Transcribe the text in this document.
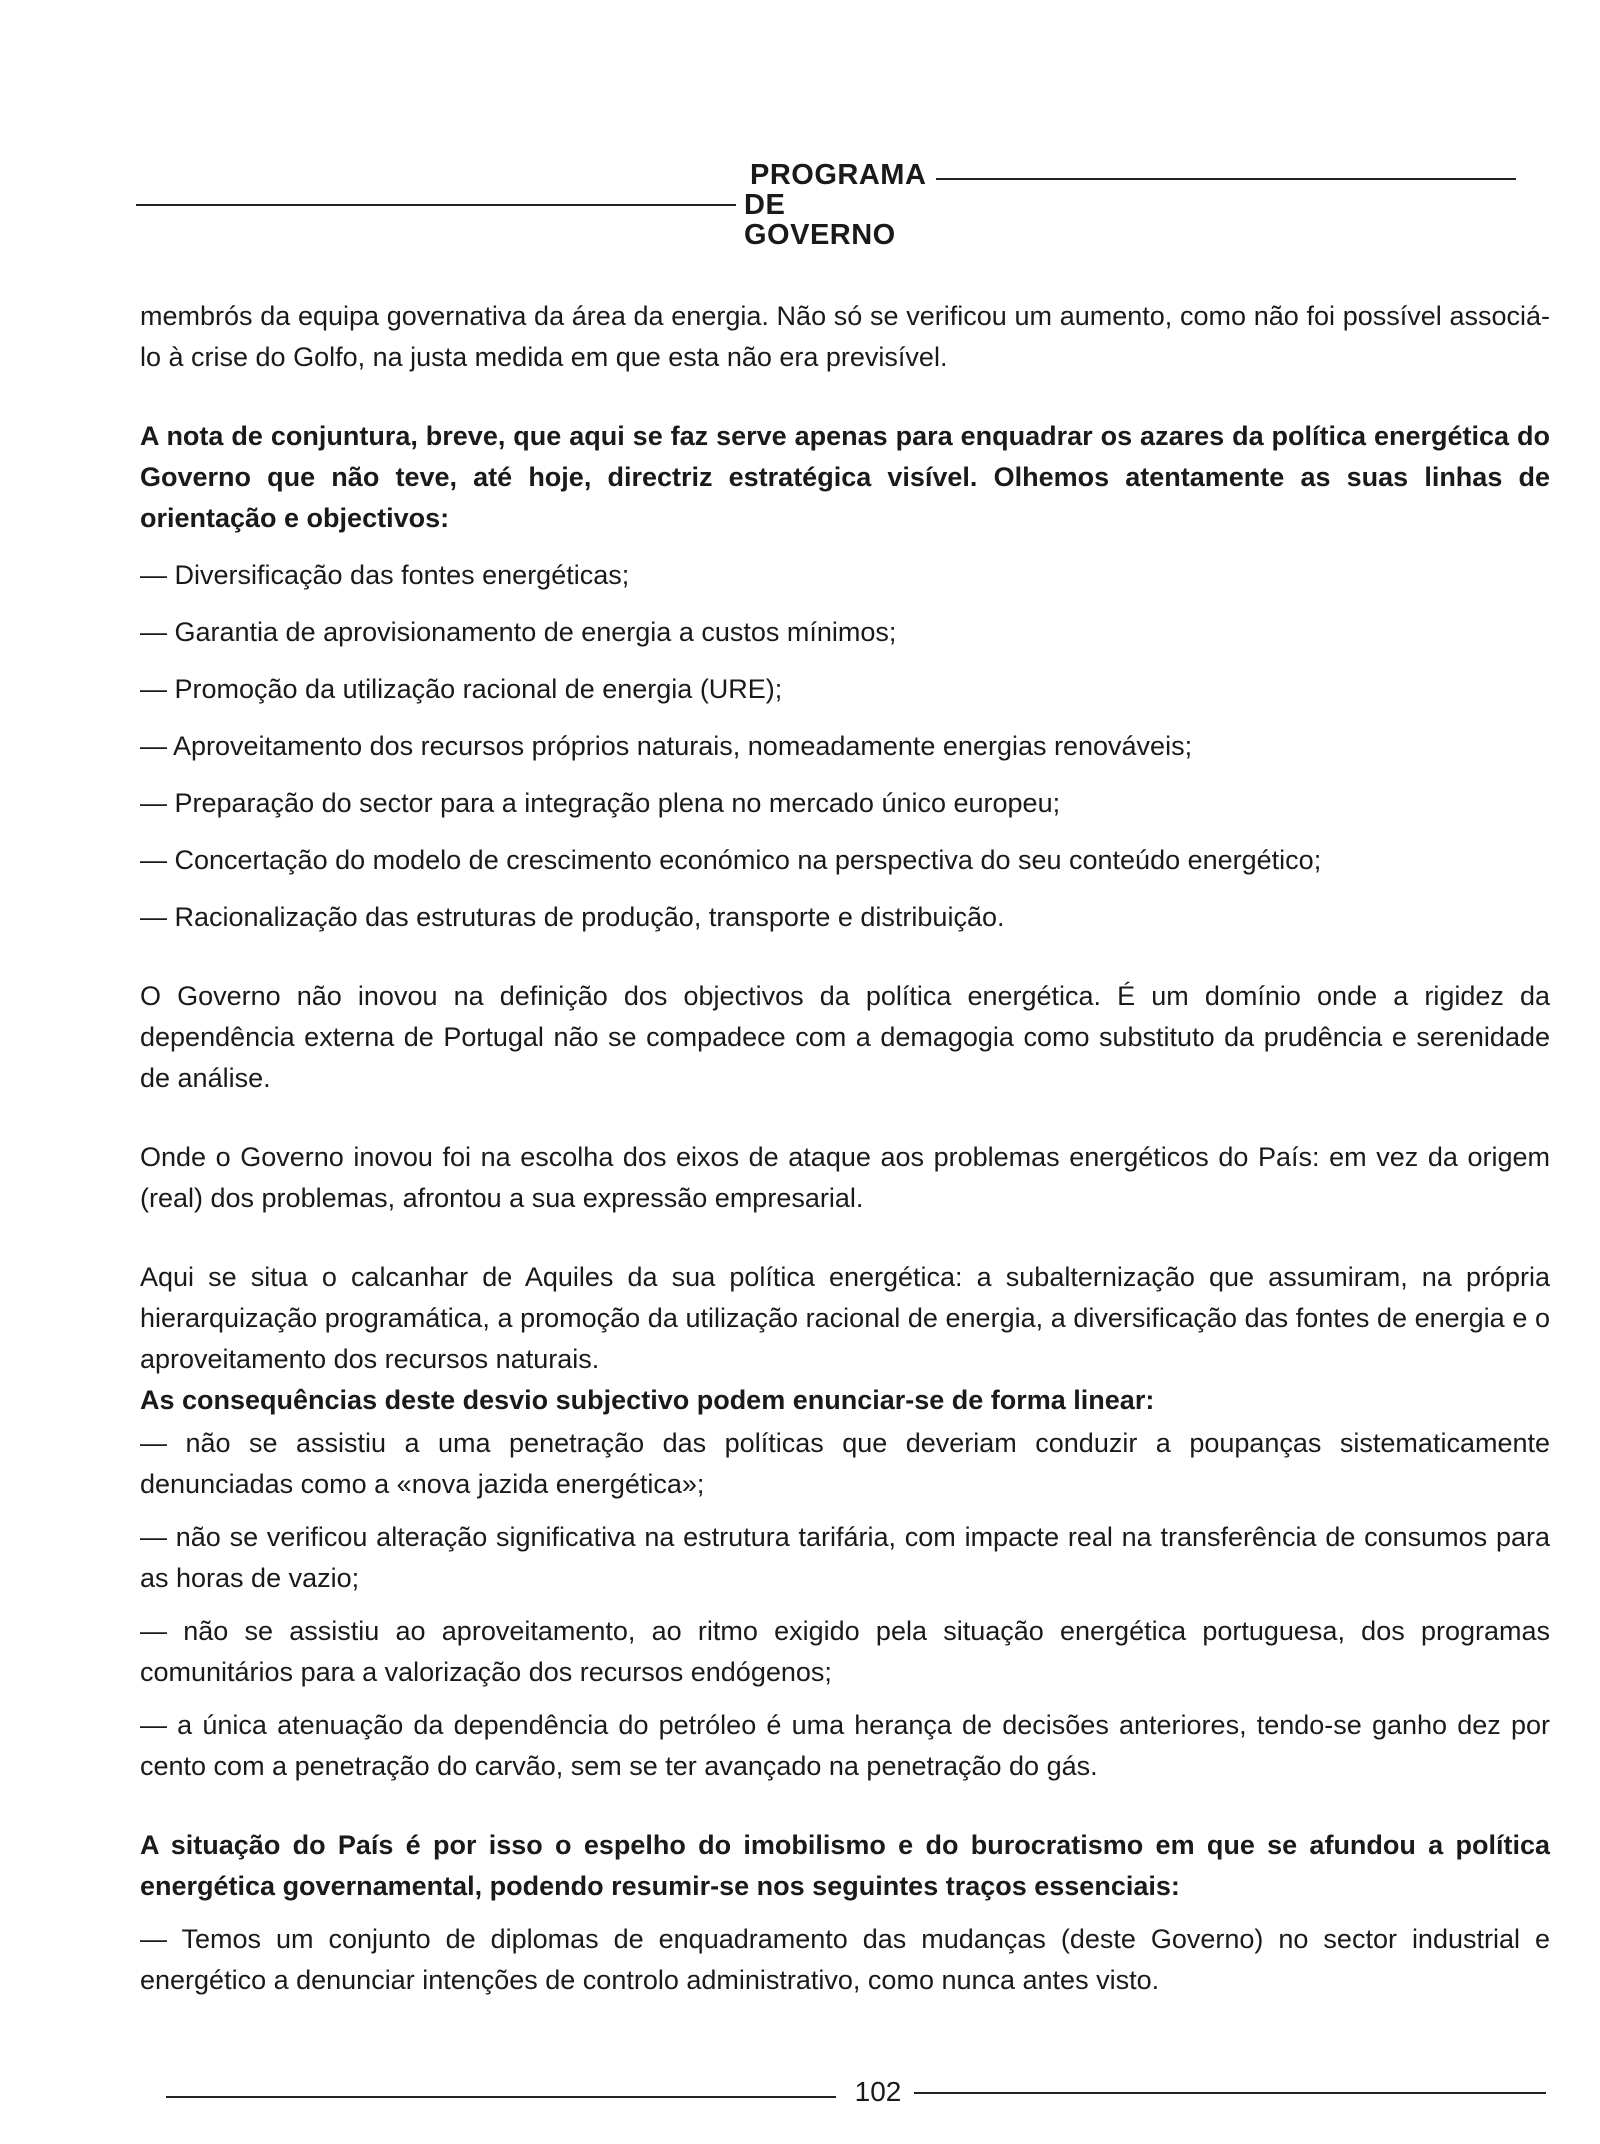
PROGRAMA
DE GOVERNO

membrós da equipa governativa da área da energia. Não só se verificou um aumento, como não foi possível associá-lo à crise do Golfo, na justa medida em que esta não era previsível.

A nota de conjuntura, breve, que aqui se faz serve apenas para enquadrar os azares da política energética do Governo que não teve, até hoje, directriz estratégica visível. Olhemos atentamente as suas linhas de orientação e objectivos:

— Diversificação das fontes energéticas;

— Garantia de aprovisionamento de energia a custos mínimos;

— Promoção da utilização racional de energia (URE);

— Aproveitamento dos recursos próprios naturais, nomeadamente energias renováveis;

— Preparação do sector para a integração plena no mercado único europeu;

— Concertação do modelo de crescimento económico na perspectiva do seu conteúdo energético;

— Racionalização das estruturas de produção, transporte e distribuição.

O Governo não inovou na definição dos objectivos da política energética. É um domínio onde a rigidez da dependência externa de Portugal não se compadece com a demagogia como substituto da prudência e serenidade de análise.

Onde o Governo inovou foi na escolha dos eixos de ataque aos problemas energéticos do País: em vez da origem (real) dos problemas, afrontou a sua expressão empresarial.

Aqui se situa o calcanhar de Aquiles da sua política energética: a subalternização que assumiram, na própria hierarquização programática, a promoção da utilização racional de energia, a diversificação das fontes de energia e o aproveitamento dos recursos naturais.

As consequências deste desvio subjectivo podem enunciar-se de forma linear:

— não se assistiu a uma penetração das políticas que deveriam conduzir a poupanças sistematicamente denunciadas como a «nova jazida energética»;

— não se verificou alteração significativa na estrutura tarifária, com impacte real na transferência de consumos para as horas de vazio;

— não se assistiu ao aproveitamento, ao ritmo exigido pela situação energética portuguesa, dos programas comunitários para a valorização dos recursos endógenos;

— a única atenuação da dependência do petróleo é uma herança de decisões anteriores, tendo-se ganho dez por cento com a penetração do carvão, sem se ter avançado na penetração do gás.

A situação do País é por isso o espelho do imobilismo e do burocratismo em que se afundou a política energética governamental, podendo resumir-se nos seguintes traços essenciais:

— Temos um conjunto de diplomas de enquadramento das mudanças (deste Governo) no sector industrial e energético a denunciar intenções de controlo administrativo, como nunca antes visto.

102
